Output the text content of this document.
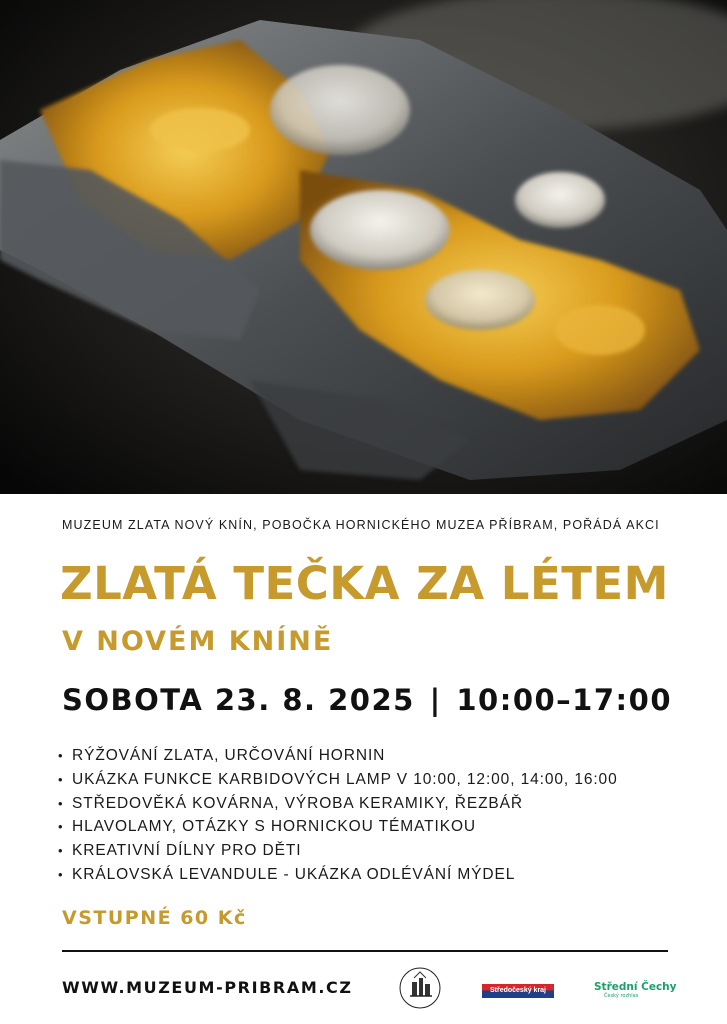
MUZEUM ZLATA NOVÝ KNÍN, POBOČKA HORNICKÉHO MUZEA PŘÍBRAM, POŘÁDÁ AKCI
ZLATÁ TEČKA ZA LÉTEM
V NOVÉM KNÍNĚ
SOBOTA 23. 8. 2025 | 10:00–17:00
• RÝŽOVÁNÍ ZLATA, URČOVÁNÍ HORNIN
• UKÁZKA FUNKCE KARBIDOVÝCH LAMP V 10:00, 12:00, 14:00, 16:00
• STŘEDOVĚKÁ KOVÁRNA, VÝROBA KERAMIKY, ŘEZBÁŘ
• HLAVOLAMY, OTÁZKY S HORNICKOU TÉMATIKOU
• KREATIVNÍ DÍLNY PRO DĚTI
• KRÁLOVSKÁ LEVANDULE - UKÁZKA ODLÉVÁNÍ MÝDEL
VSTUPNÉ 60 Kč
WWW.MUZEUM-PRIBRAM.CZ	Středočeský kraj	Střední Čechy
Český rozhlas
